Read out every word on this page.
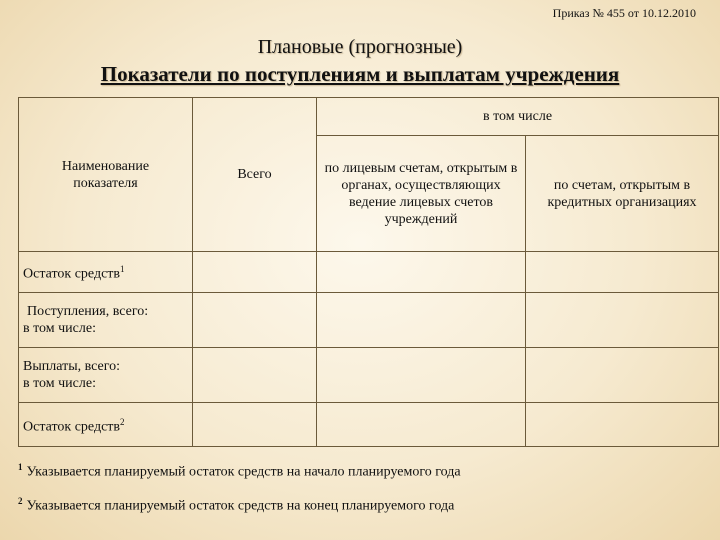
Приказ № 455 от 10.12.2010
Плановые (прогнозные)
Показатели по поступлениям и выплатам учреждения
Наименование показателя	Всего	в том числе	

		по лицевым счетам, открытым в органах, осуществляющих ведение лицевых счетов учреждений	по счетам, открытым в кредитных организациях

Остаток средств$^1$			

Поступления, всего:
в том числе:			

Выплаты, всего:
в том числе:			

Остаток средств$^2$			
$^1$ Указывается планируемый остаток средств на начало планируемого года
$^2$ Указывается планируемый остаток средств на конец планируемого года
